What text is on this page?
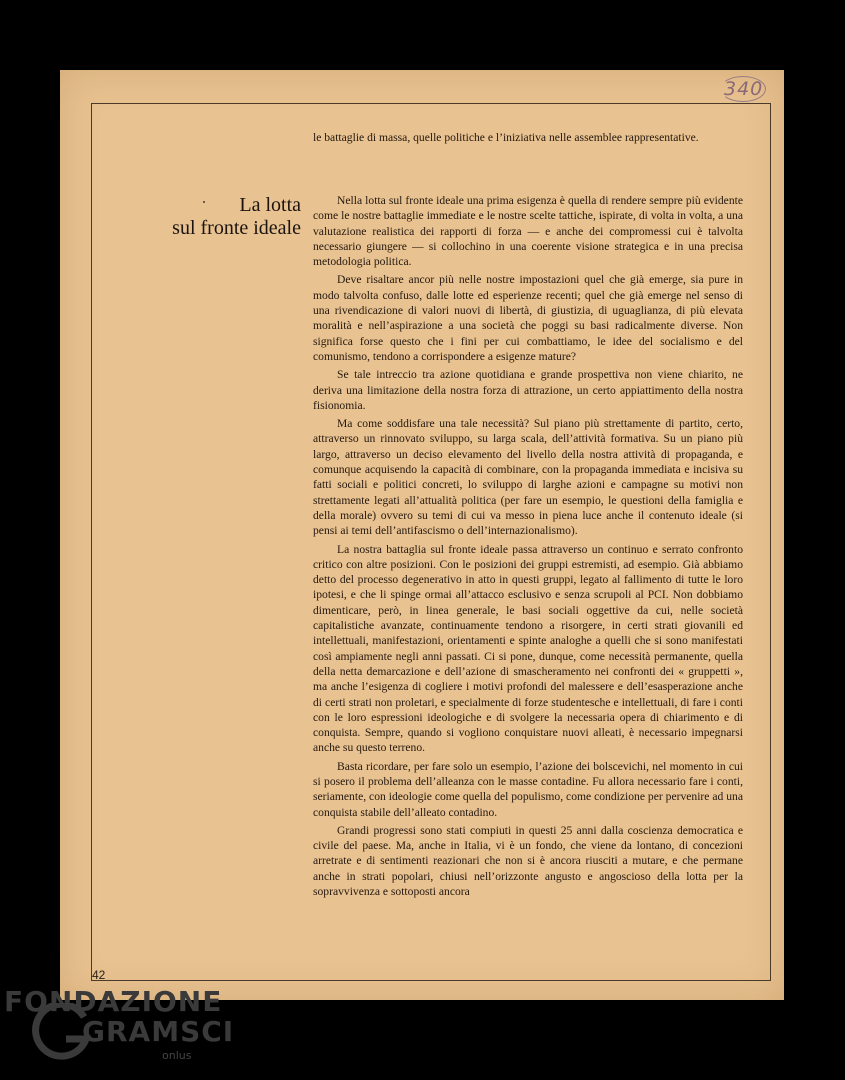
340
La lotta
sul fronte ideale

le battaglie di massa, quelle politiche e l’iniziativa nelle assemblee rappresentative.

Nella lotta sul fronte ideale una prima esigenza è quella di rendere sempre più evidente come le nostre battaglie immediate e le nostre scelte tattiche, ispirate, di volta in volta, a una valutazione realistica dei rapporti di forza — e anche dei compromessi cui è talvolta necessario giungere — si collochino in una coerente visione strategica e in una precisa metodologia politica.

Deve risaltare ancor più nelle nostre impostazioni quel che già emerge, sia pure in modo talvolta confuso, dalle lotte ed esperienze recenti; quel che già emerge nel senso di una rivendicazione di valori nuovi di libertà, di giustizia, di uguaglianza, di più elevata moralità e nell’aspirazione a una società che poggi su basi radicalmente diverse. Non significa forse questo che i fini per cui combattiamo, le idee del socialismo e del comunismo, tendono a corrispondere a esigenze mature?

Se tale intreccio tra azione quotidiana e grande prospettiva non viene chiarito, ne deriva una limitazione della nostra forza di attrazione, un certo appiattimento della nostra fisionomia.

Ma come soddisfare una tale necessità? Sul piano più strettamente di partito, certo, attraverso un rinnovato sviluppo, su larga scala, dell’attività formativa. Su un piano più largo, attraverso un deciso elevamento del livello della nostra attività di propaganda, e comunque acquisendo la capacità di combinare, con la propaganda immediata e incisiva su fatti sociali e politici concreti, lo sviluppo di larghe azioni e campagne su motivi non strettamente legati all’attualità politica (per fare un esempio, le questioni della famiglia e della morale) ovvero su temi di cui va messo in piena luce anche il contenuto ideale (si pensi ai temi dell’antifascismo o dell’internazionalismo).

La nostra battaglia sul fronte ideale passa attraverso un continuo e serrato confronto critico con altre posizioni. Con le posizioni dei gruppi estremisti, ad esempio. Già abbiamo detto del processo degenerativo in atto in questi gruppi, legato al fallimento di tutte le loro ipotesi, e che li spinge ormai all’attacco esclusivo e senza scrupoli al PCI. Non dobbiamo dimenticare, però, in linea generale, le basi sociali oggettive da cui, nelle società capitalistiche avanzate, continuamente tendono a risorgere, in certi strati giovanili ed intellettuali, manifestazioni, orientamenti e spinte analoghe a quelli che si sono manifestati così ampiamente negli anni passati. Ci si pone, dunque, come necessità permanente, quella della netta demarcazione e dell’azione di smascheramento nei confronti dei « gruppetti », ma anche l’esigenza di cogliere i motivi profondi del malessere e dell’esasperazione anche di certi strati non proletari, e specialmente di forze studentesche e intellettuali, di fare i conti con le loro espressioni ideologiche e di svolgere la necessaria opera di chiarimento e di conquista. Sempre, quando si vogliono conquistare nuovi alleati, è necessario impegnarsi anche su questo terreno.

Basta ricordare, per fare solo un esempio, l’azione dei bolscevichi, nel momento in cui si posero il problema dell’alleanza con le masse contadine. Fu allora necessario fare i conti, seriamente, con ideologie come quella del populismo, come condizione per pervenire ad una conquista stabile dell’alleato contadino.

Grandi progressi sono stati compiuti in questi 25 anni dalla coscienza democratica e civile del paese. Ma, anche in Italia, vi è un fondo, che viene da lontano, di concezioni arretrate e di sentimenti reazionari che non si è ancora riusciti a mutare, e che permane anche in strati popolari, chiusi nell’orizzonte angusto e angoscioso della lotta per la sopravvivenza e sottoposti ancora

42
FONDAZIONE
GRAMSCI
onlus
